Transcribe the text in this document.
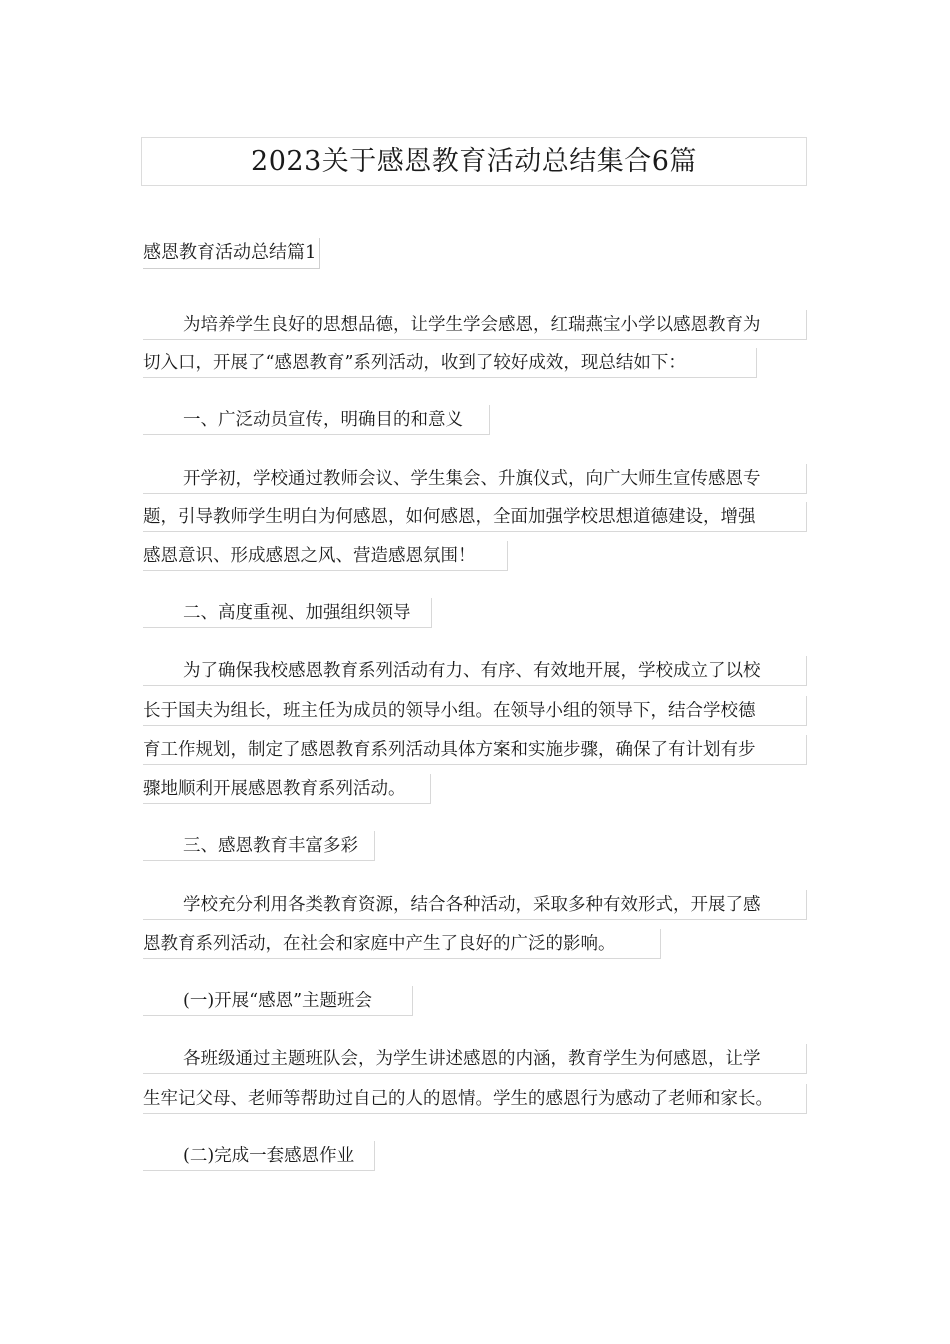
2023关于感恩教育活动总结集合6篇
感恩教育活动总结篇1
为培养学生良好的思想品德，让学生学会感恩，红瑞燕宝小学以感恩教育为
切入口，开展了“感恩教育”系列活动，收到了较好成效，现总结如下：
一、广泛动员宣传，明确目的和意义
开学初，学校通过教师会议、学生集会、升旗仪式，向广大师生宣传感恩专
题，引导教师学生明白为何感恩，如何感恩，全面加强学校思想道德建设，增强
感恩意识、形成感恩之风、营造感恩氛围！
二、高度重视、加强组织领导
为了确保我校感恩教育系列活动有力、有序、有效地开展，学校成立了以校
长于国夫为组长，班主任为成员的领导小组。在领导小组的领导下，结合学校德
育工作规划，制定了感恩教育系列活动具体方案和实施步骤，确保了有计划有步
骤地顺利开展感恩教育系列活动。
三、感恩教育丰富多彩
学校充分利用各类教育资源，结合各种活动，采取多种有效形式，开展了感
恩教育系列活动，在社会和家庭中产生了良好的广泛的影响。
(一)开展“感恩”主题班会
各班级通过主题班队会，为学生讲述感恩的内涵，教育学生为何感恩，让学
生牢记父母、老师等帮助过自己的人的恩情。学生的感恩行为感动了老师和家长。
(二)完成一套感恩作业
